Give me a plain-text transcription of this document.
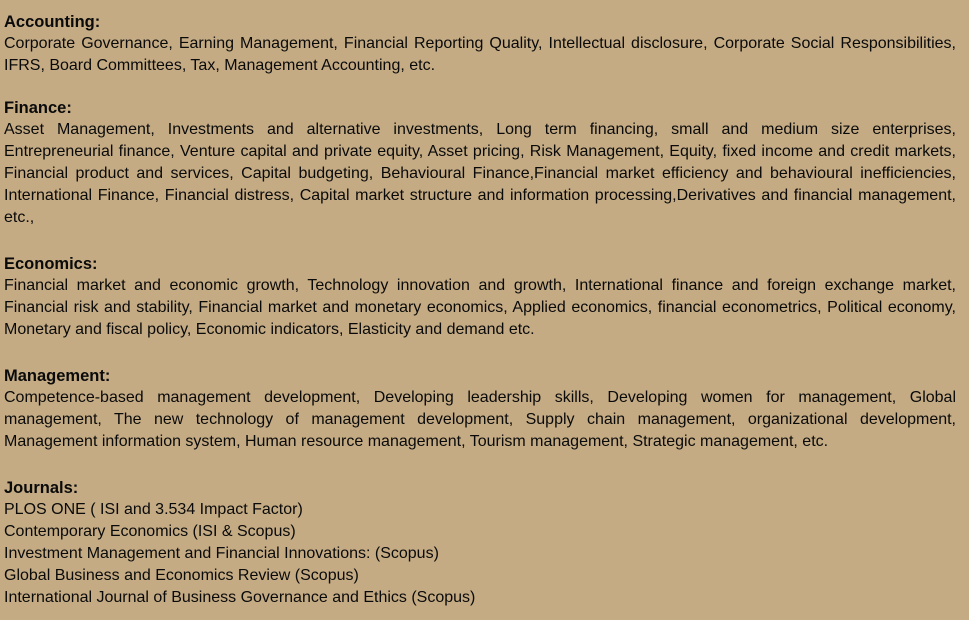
Accounting:

Corporate Governance, Earning Management, Financial Reporting Quality, Intellectual disclosure, Corporate Social Responsibilities, IFRS, Board Committees, Tax, Management Accounting, etc.

Finance:

Asset Management, Investments and alternative investments, Long term financing, small and medium size enterprises, Entrepreneurial finance, Venture capital and private equity, Asset pricing, Risk Management, Equity, fixed income and credit markets, Financial product and services, Capital budgeting, Behavioural Finance,Financial market efficiency and behavioural inefficiencies, International Finance, Financial distress, Capital market structure and information processing,Derivatives and financial management, etc.,

Economics:

Financial market and economic growth, Technology innovation and growth, International finance and foreign exchange market, Financial risk and stability, Financial market and monetary economics, Applied economics, financial econometrics, Political economy, Monetary and fiscal policy, Economic indicators, Elasticity and demand etc.

Management:

Competence-based management development, Developing leadership skills, Developing women for management, Global management, The new technology of management development, Supply chain management, organizational development, Management information system, Human resource management, Tourism management, Strategic management, etc.

Journals:

PLOS ONE ( ISI and 3.534 Impact Factor)
Contemporary Economics (ISI & Scopus)
Investment Management and Financial Innovations: (Scopus)
Global Business and Economics Review (Scopus)
International Journal of Business Governance and Ethics (Scopus)
